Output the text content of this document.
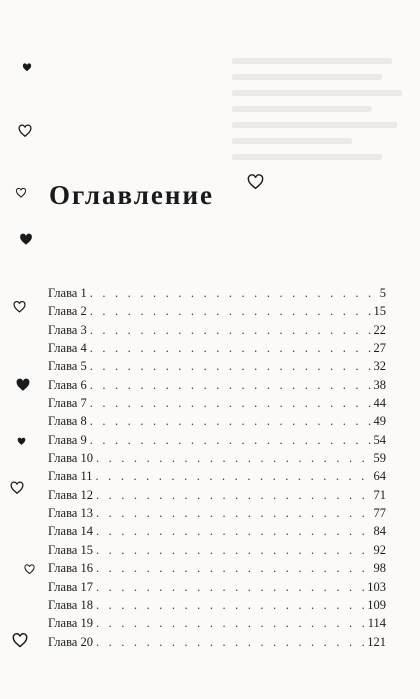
Оглавление
Глава 1 . . .	5
Глава 2 . . .	15
Глава 3 . . .	22
Глава 4 . . .	27
Глава 5 . . .	32
Глава 6 . . .	38
Глава 7 . . .	44
Глава 8 . . .	49
Глава 9 . . .	54
Глава 10 . . .	59
Глава 11 . . .	64
Глава 12 . . .	71
Глава 13 . . .	77
Глава 14 . . .	84
Глава 15 . . .	92
Глава 16 . . .	98
Глава 17 . . .	103
Глава 18 . . .	109
Глава 19 . . .	114
Глава 20 . . .	121
